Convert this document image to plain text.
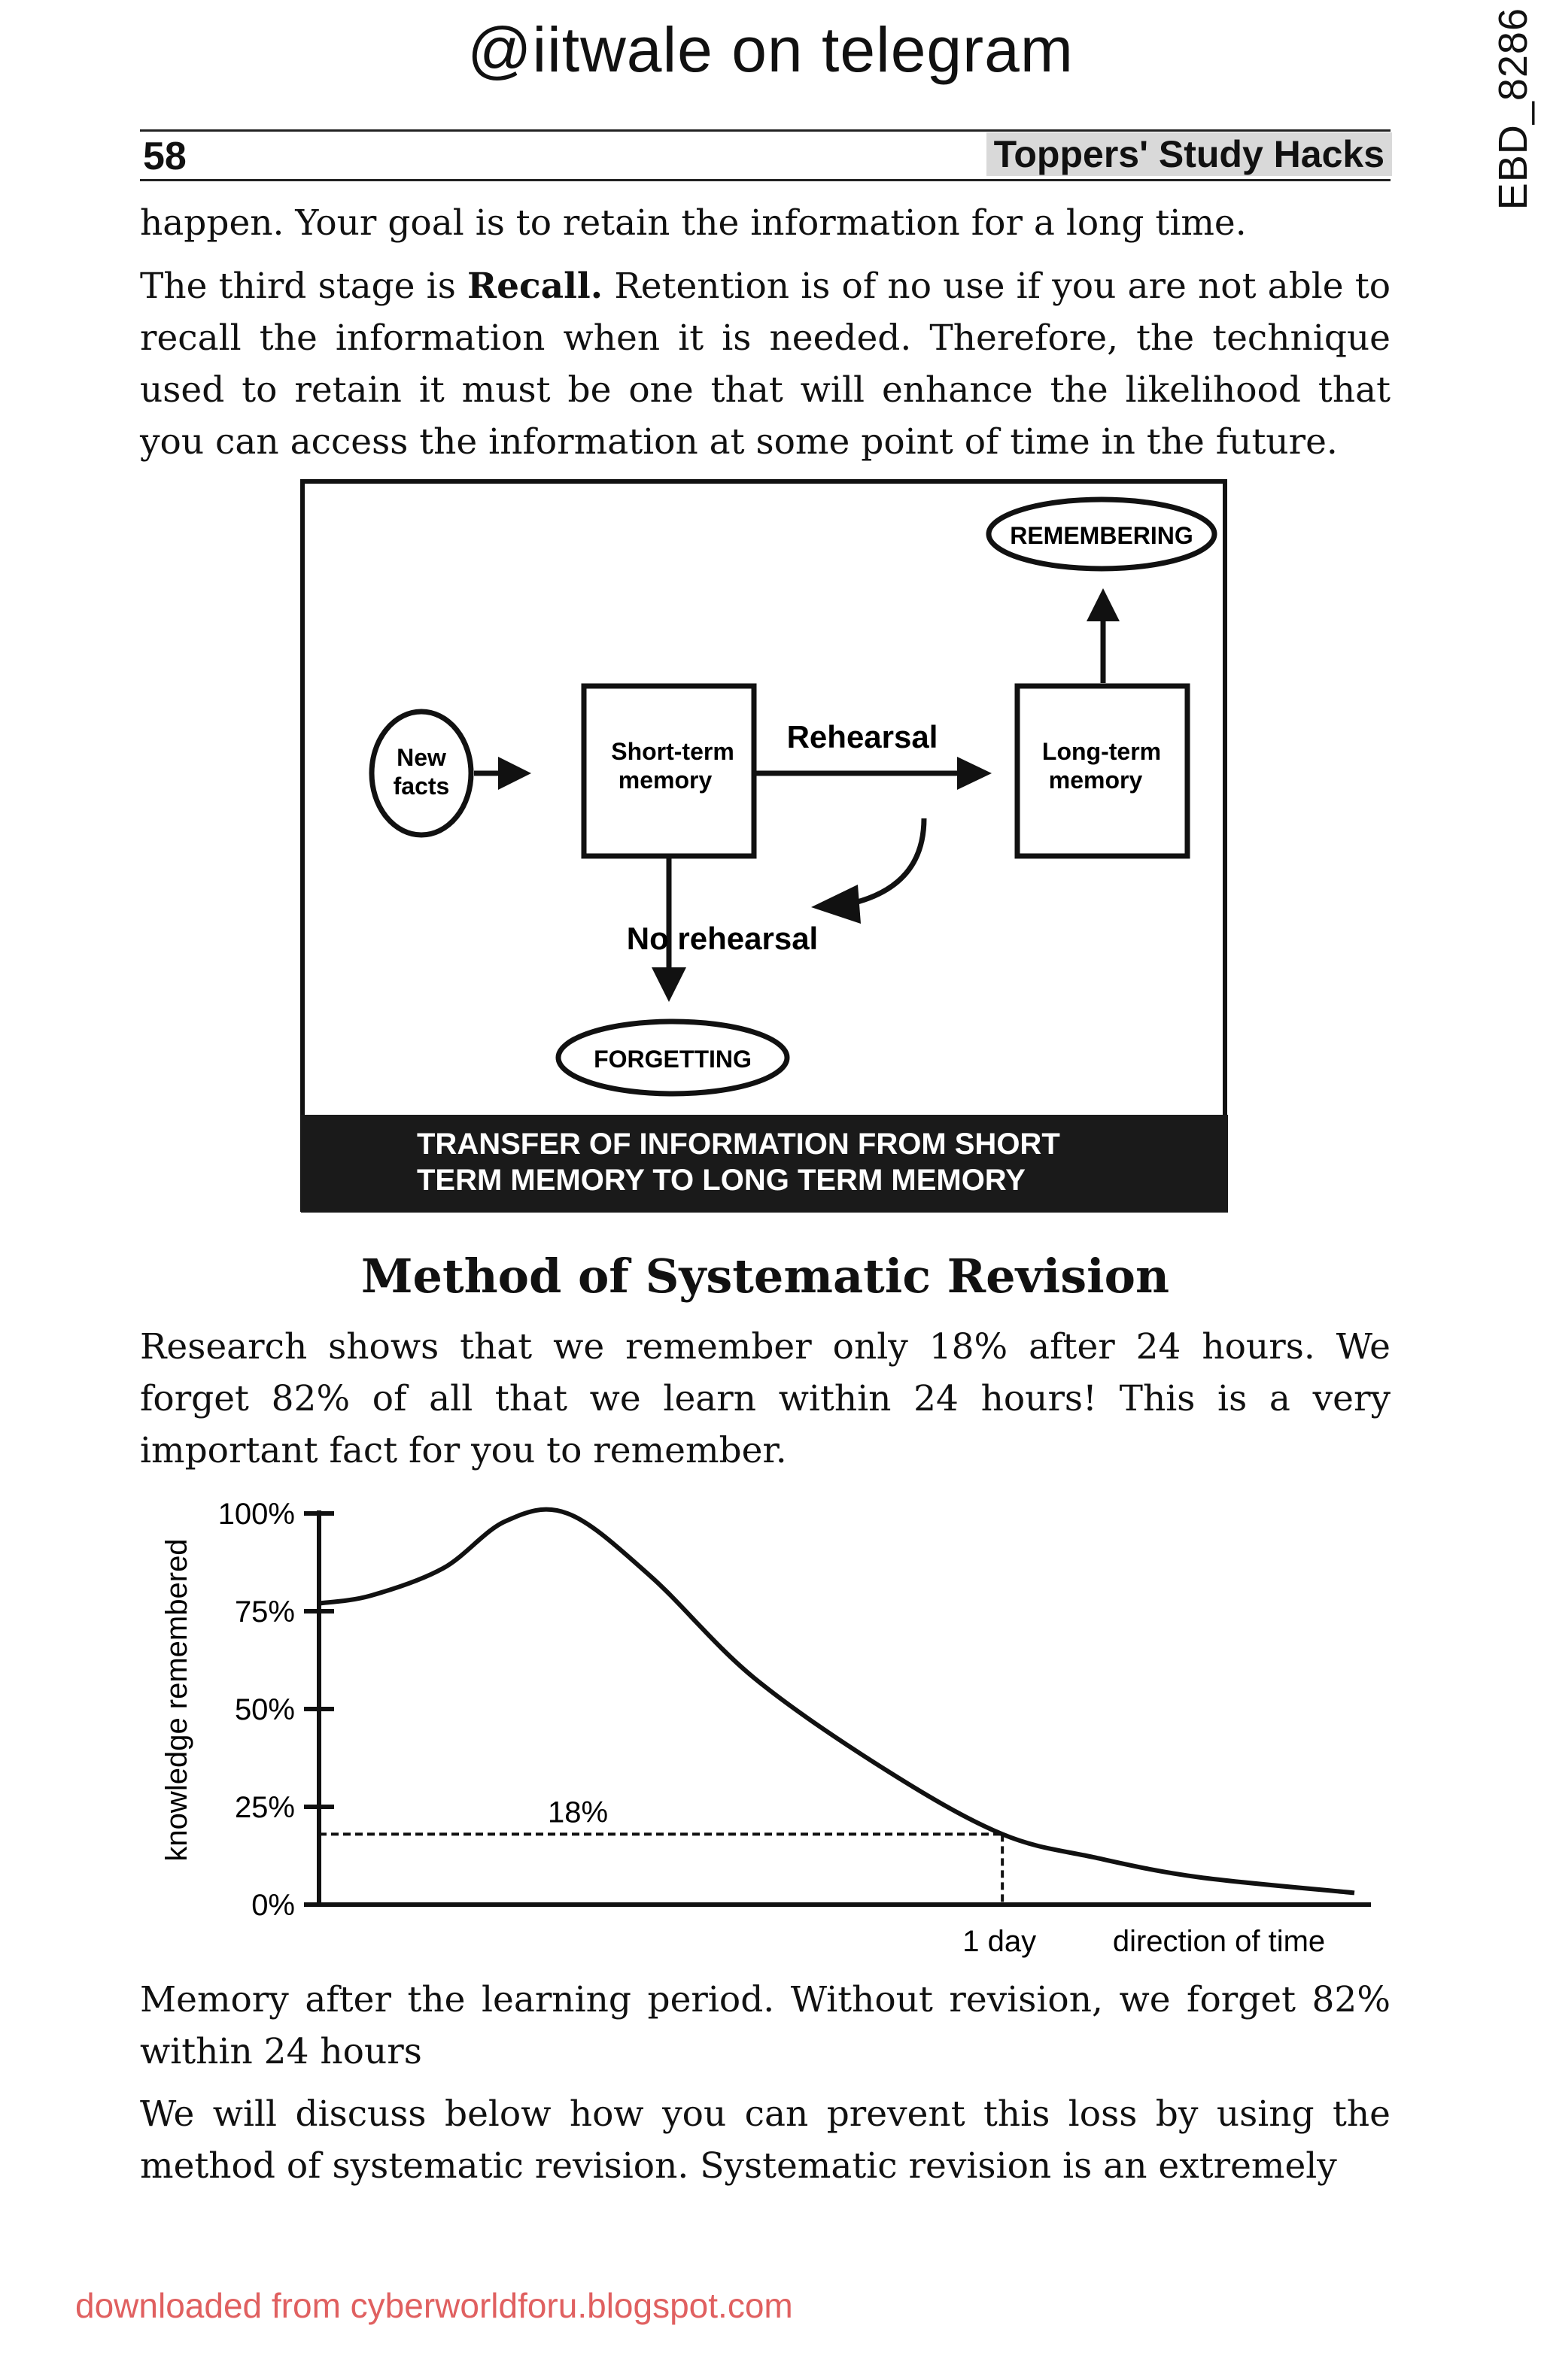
@iitwale on telegram	EBD_8286
58	Toppers' Study Hacks
happen. Your goal is to retain the information for a long time.
The third stage is Recall. Retention is of no use if you are not able to recall the information when it is needed. Therefore, the technique used to retain it must be one that will enhance the likelihood that you can access the information at some point of time in the future.
REMEMBERING
New
facts
Short-term
memory
Rehearsal	Long-term
memory
No rehearsal
FORGETTING
TRANSFER OF INFORMATION FROM SHORT
TERM MEMORY TO LONG TERM MEMORY
Method of Systematic Revision
Research shows that we remember only 18% after 24 hours. We forget 82% of all that we learn within 24 hours! This is a very important fact for you to remember.
knowledge remembered
100%
75%
50%
25%
0%
18%
1 day	direction of time
Memory after the learning period. Without revision, we forget 82% within 24 hours
We will discuss below how you can prevent this loss by using the method of systematic revision. Systematic revision is an extremely
downloaded from cyberworldforu.blogspot.com
